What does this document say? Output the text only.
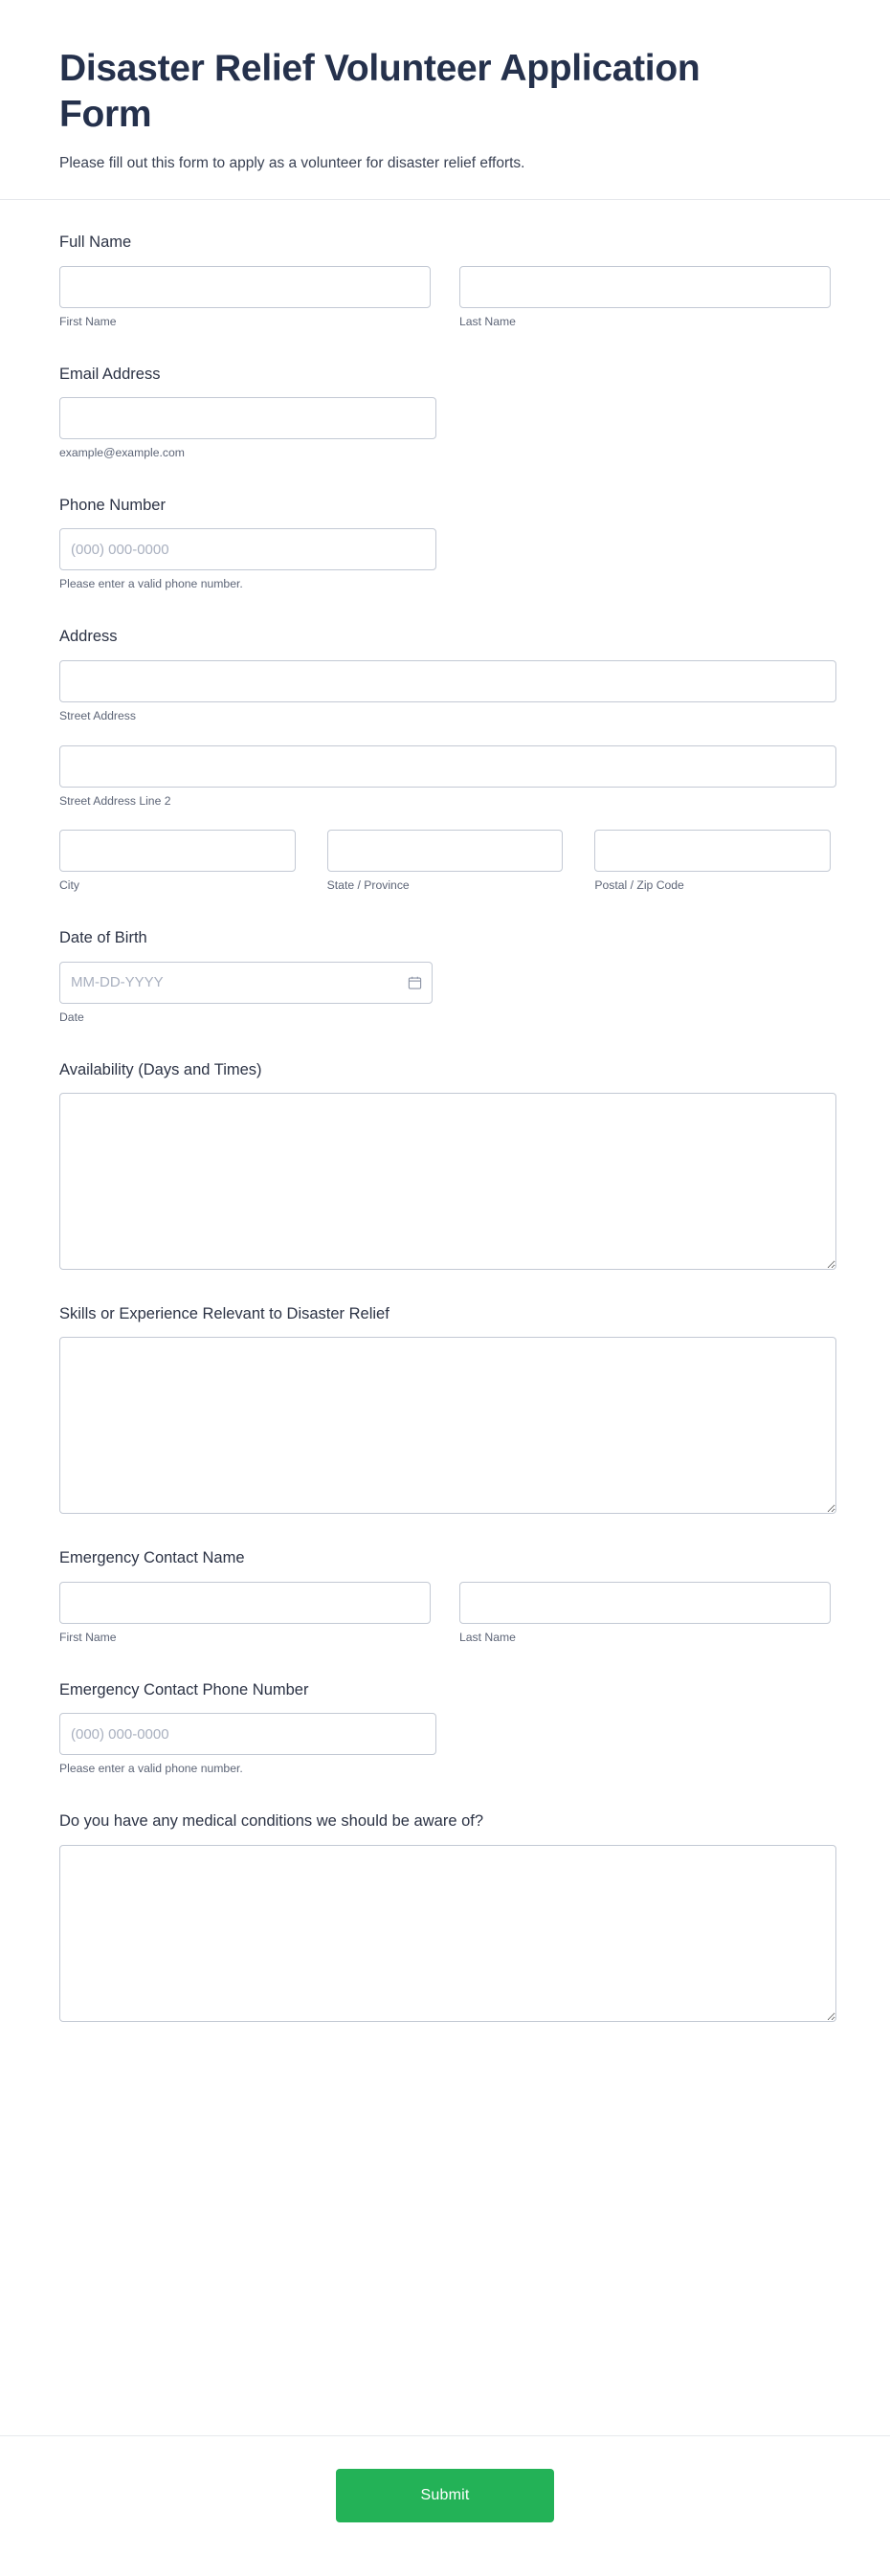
Disaster Relief Volunteer Application Form

Please fill out this form to apply as a volunteer for disaster relief efforts.

Full Name
First Name	Last Name
Email Address
example@example.com
Phone Number
(000) 000-0000
Please enter a valid phone number.
Address
Street Address
Street Address Line 2
City	State / Province	Postal / Zip Code
Date of Birth
MM-DD-YYYY
Date
Availability (Days and Times)
Skills or Experience Relevant to Disaster Relief
Emergency Contact Name
First Name	Last Name
Emergency Contact Phone Number
(000) 000-0000
Please enter a valid phone number.
Do you have any medical conditions we should be aware of?
Submit
